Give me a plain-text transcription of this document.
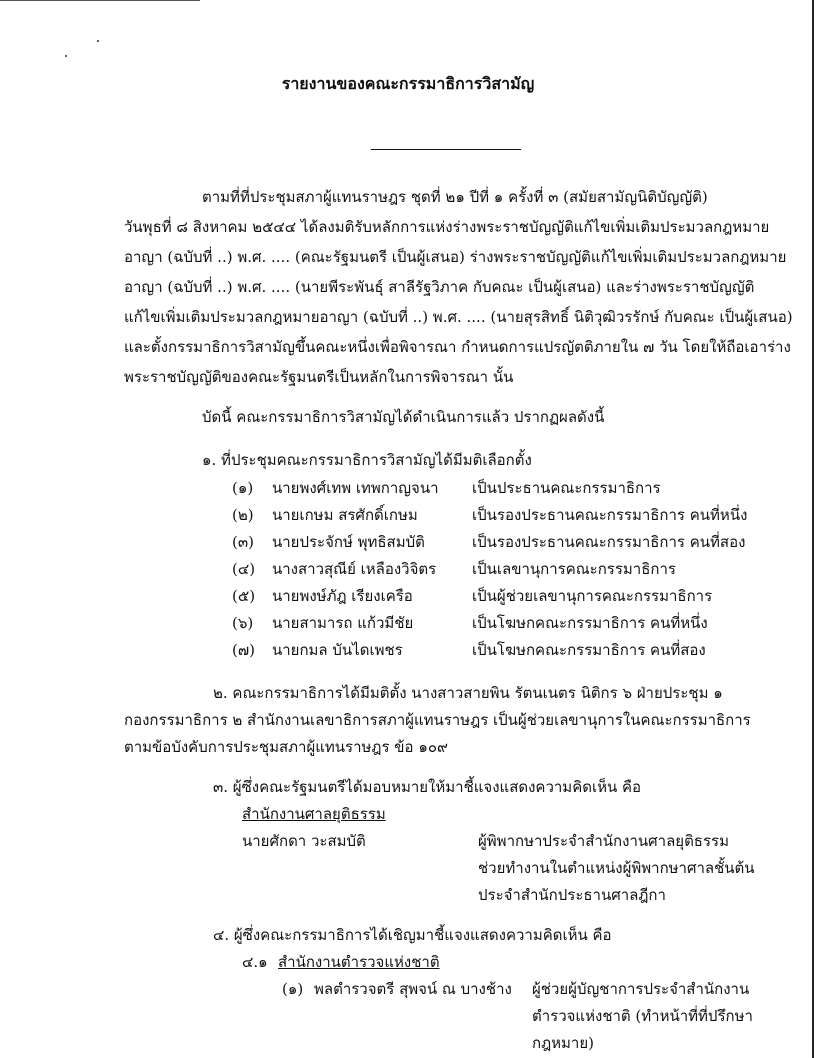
รายงานของคณะกรรมาธิการวิสามัญ
ตามที่ที่ประชุมสภาผู้แทนราษฎร ชุดที่ ๒๑ ปีที่ ๑ ครั้งที่ ๓ (สมัยสามัญนิติบัญญัติ)
วันพุธที่ ๘ สิงหาคม ๒๕๔๔ ได้ลงมติรับหลักการแห่งร่างพระราชบัญญัติแก้ไขเพิ่มเติมประมวลกฎหมาย
อาญา (ฉบับที่ ..) พ.ศ. .... (คณะรัฐมนตรี เป็นผู้เสนอ) ร่างพระราชบัญญัติแก้ไขเพิ่มเติมประมวลกฎหมาย
อาญา (ฉบับที่ ..) พ.ศ. .... (นายพีระพันธุ์ สาลีรัฐวิภาค กับคณะ เป็นผู้เสนอ) และร่างพระราชบัญญัติ
แก้ไขเพิ่มเติมประมวลกฎหมายอาญา (ฉบับที่ ..) พ.ศ. .... (นายสุรสิทธิ์ นิติวุฒิวรรักษ์ กับคณะ เป็นผู้เสนอ)
และตั้งกรรมาธิการวิสามัญขึ้นคณะหนึ่งเพื่อพิจารณา กำหนดการแปรญัตติภายใน ๗ วัน โดยให้ถือเอาร่าง
พระราชบัญญัติของคณะรัฐมนตรีเป็นหลักในการพิจารณา นั้น
บัดนี้ คณะกรรมาธิการวิสามัญได้ดำเนินการแล้ว ปรากฏผลดังนี้
๑. ที่ประชุมคณะกรรมาธิการวิสามัญได้มีมติเลือกตั้ง
(๑) นายพงศ์เทพ เทพกาญจนา เป็นประธานคณะกรรมาธิการ
(๒) นายเกษม สรศักดิ์เกษม	เป็นรองประธานคณะกรรมาธิการ คนที่หนึ่ง
(๓) นายประจักษ์ พุทธิสมบัติ	เป็นรองประธานคณะกรรมาธิการ คนที่สอง
(๔) นางสาวสุณีย์ เหลืองวิจิตร เป็นเลขานุการคณะกรรมาธิการ
(๕) นายพงษ์ภัฎ เรียงเครือ	เป็นผู้ช่วยเลขานุการคณะกรรมาธิการ
(๖) นายสามารถ แก้วมีชัย	เป็นโฆษกคณะกรรมาธิการ คนที่หนึ่ง
(๗) นายกมล บันไดเพชร	เป็นโฆษกคณะกรรมาธิการ คนที่สอง
๒. คณะกรรมาธิการได้มีมติตั้ง นางสาวสายพิน รัตนเนตร นิติกร ๖ ฝ่ายประชุม ๑
กองกรรมาธิการ ๒ สำนักงานเลขาธิการสภาผู้แทนราษฎร เป็นผู้ช่วยเลขานุการในคณะกรรมาธิการ
ตามข้อบังคับการประชุมสภาผู้แทนราษฎร ข้อ ๑๐๙
๓. ผู้ซึ่งคณะรัฐมนตรีได้มอบหมายให้มาชี้แจงแสดงความคิดเห็น คือ
สำนักงานศาลยุติธรรม
นายศักดา วะสมบัติ	ผู้พิพากษาประจำสำนักงานศาลยุติธรรม
ช่วยทำงานในตำแหน่งผู้พิพากษาศาลชั้นต้น
ประจำสำนักประธานศาลฎีกา
๔. ผู้ซึ่งคณะกรรมาธิการได้เชิญมาชี้แจงแสดงความคิดเห็น คือ
๔.๑ สำนักงานตำรวจแห่งชาติ
(๑) พลตำรวจตรี สุพจน์ ณ บางช้าง ผู้ช่วยผู้บัญชาการประจำสำนักงาน
ตำรวจแห่งชาติ (ทำหน้าที่ที่ปรึกษา
กฎหมาย)
